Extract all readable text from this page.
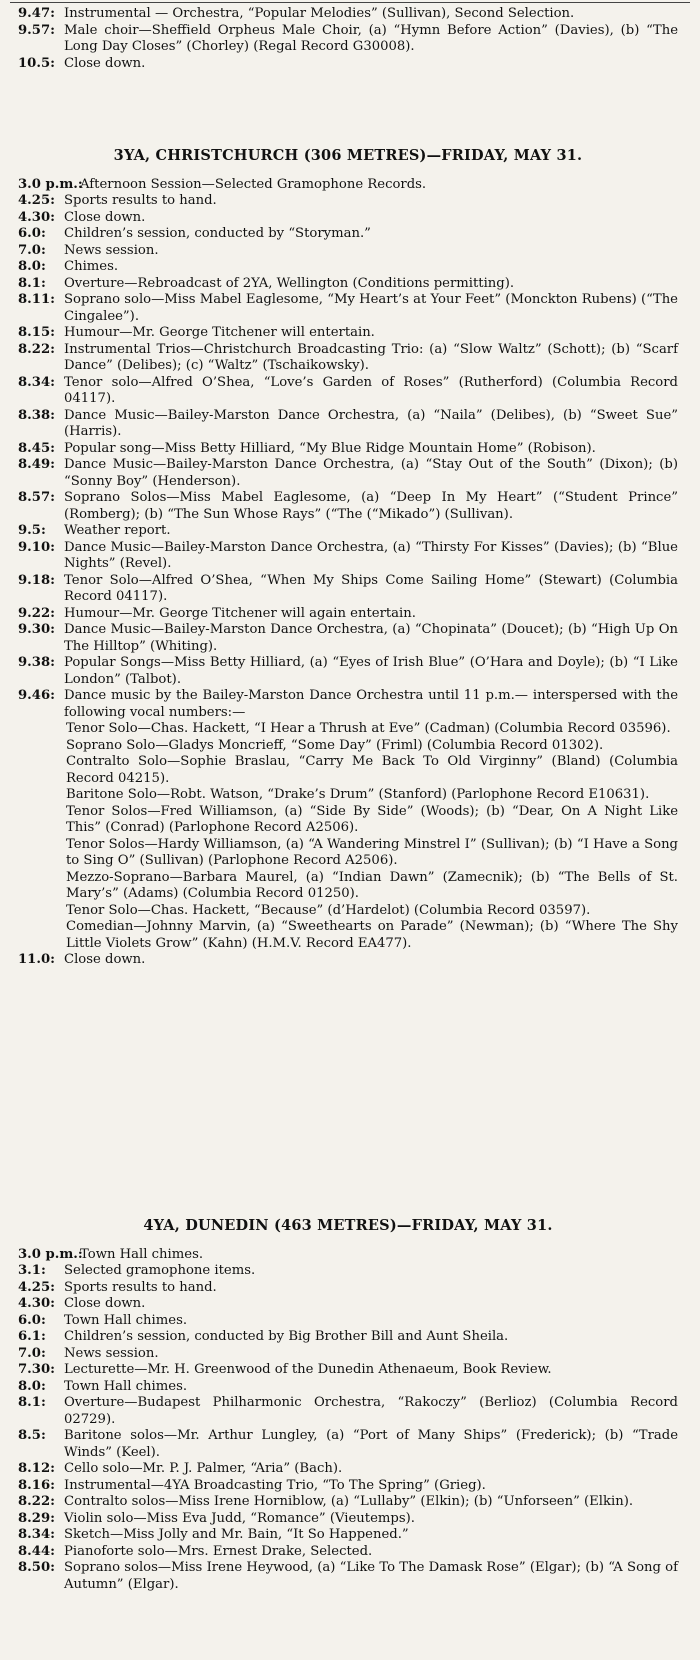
9.47: Instrumental — Orchestra, “Popular Melodies” (Sullivan), Second Selection.
9.57: Male choir—Sheffield Orpheus Male Choir, (a) “Hymn Before Action” (Davies), (b) “The Long Day Closes” (Chorley) (Regal Record G30008).
10.5: Close down.
3YA, CHRISTCHURCH (306 METRES)—FRIDAY, MAY 31.
3.0 p.m.:
Afternoon Session—Selected Gramophone Records.
4.25: Sports results to hand.
4.30: Close down.
6.0:	Children’s session, conducted by “Storyman.”
7.0:	News session.
8.0:	Chimes.
8.1:	Overture—Rebroadcast of 2YA, Wellington (Conditions permitting).
8.11: Soprano solo—Miss Mabel Eaglesome, “My Heart’s at Your Feet” (Monckton Rubens) (“The Cingalee”).
8.15: Humour—Mr. George Titchener will entertain.
8.22: Instrumental Trios—Christchurch Broadcasting Trio: (a) “Slow Waltz” (Schott); (b) “Scarf Dance” (Delibes); (c) “Waltz” (Tschaikowsky).
8.34: Tenor solo—Alfred O’Shea, “Love’s Garden of Roses” (Rutherford) (Columbia Record 04117).
8.38: Dance Music—Bailey-Marston Dance Orchestra, (a) “Naila” (Delibes), (b) “Sweet Sue” (Harris).
8.45: Popular song—Miss Betty Hilliard, “My Blue Ridge Mountain Home” (Robison).
8.49: Dance Music—Bailey-Marston Dance Orchestra, (a) “Stay Out of the South” (Dixon); (b) “Sonny Boy” (Henderson).
8.57: Soprano Solos—Miss Mabel Eaglesome, (a) “Deep In My Heart” (“Student Prince” (Romberg); (b) “The Sun Whose Rays” (“The (“Mikado”) (Sullivan).
9.5:	Weather report.
9.10: Dance Music—Bailey-Marston Dance Orchestra, (a) “Thirsty For Kisses” (Davies); (b) “Blue Nights” (Revel).
9.18: Tenor Solo—Alfred O’Shea, “When My Ships Come Sailing Home” (Stewart) (Columbia Record 04117).
9.22: Humour—Mr. George Titchener will again entertain.
9.30: Dance Music—Bailey-Marston Dance Orchestra, (a) “Chopinata” (Doucet); (b) “High Up On The Hilltop” (Whiting).
9.38: Popular Songs—Miss Betty Hilliard, (a) “Eyes of Irish Blue” (O’Hara and Doyle); (b) “I Like London” (Talbot).
9.46: Dance music by the Bailey-Marston Dance Orchestra until 11 p.m.— interspersed with the following vocal numbers:—
Tenor Solo—Chas. Hackett, “I Hear a Thrush at Eve” (Cadman) (Columbia Record 03596).
Soprano Solo—Gladys Moncrieff, “Some Day” (Friml) (Columbia Record 01302).
Contralto Solo—Sophie Braslau, “Carry Me Back To Old Virginny” (Bland) (Columbia Record 04215).
Baritone Solo—Robt. Watson, “Drake’s Drum” (Stanford) (Parlophone Record E10631).
Tenor Solos—Fred Williamson, (a) “Side By Side” (Woods); (b) “Dear, On A Night Like This” (Conrad) (Parlophone Record A2506).
Tenor Solos—Hardy Williamson, (a) “A Wandering Minstrel I” (Sullivan); (b) “I Have a Song to Sing O” (Sullivan) (Parlophone Record A2506).
Mezzo-Soprano—Barbara Maurel, (a) “Indian Dawn” (Zamecnik); (b) “The Bells of St. Mary’s” (Adams) (Columbia Record 01250).
Tenor Solo—Chas. Hackett, “Because” (d’Hardelot) (Columbia Record 03597).
Comedian—Johnny Marvin, (a) “Sweethearts on Parade” (Newman); (b) “Where The Shy Little Violets Grow” (Kahn) (H.M.V. Record EA477).
11.0: Close down.
4YA, DUNEDIN (463 METRES)—FRIDAY, MAY 31.
3.0 p.m.:
Town Hall chimes.
3.1:	Selected gramophone items.
4.25: Sports results to hand.
4.30: Close down.
6.0:	Town Hall chimes.
6.1:	Children’s session, conducted by Big Brother Bill and Aunt Sheila.
7.0:	News session.
7.30: Lecturette—Mr. H. Greenwood of the Dunedin Athenaeum, Book Review.
8.0:	Town Hall chimes.
8.1:	Overture—Budapest Philharmonic Orchestra, “Rakoczy” (Berlioz) (Columbia Record 02729).
8.5:	Baritone solos—Mr. Arthur Lungley, (a) “Port of Many Ships” (Frederick); (b) “Trade Winds” (Keel).
8.12: Cello solo—Mr. P. J. Palmer, “Aria” (Bach).
8.16: Instrumental—4YA Broadcasting Trio, “To The Spring” (Grieg).
8.22: Contralto solos—Miss Irene Horniblow, (a) “Lullaby” (Elkin); (b) “Unforseen” (Elkin).
8.29: Violin solo—Miss Eva Judd, “Romance” (Vieutemps).
8.34: Sketch—Miss Jolly and Mr. Bain, “It So Happened.”
8.44: Pianoforte solo—Mrs. Ernest Drake, Selected.
8.50: Soprano solos—Miss Irene Heywood, (a) “Like To The Damask Rose” (Elgar); (b) “A Song of Autumn” (Elgar).
